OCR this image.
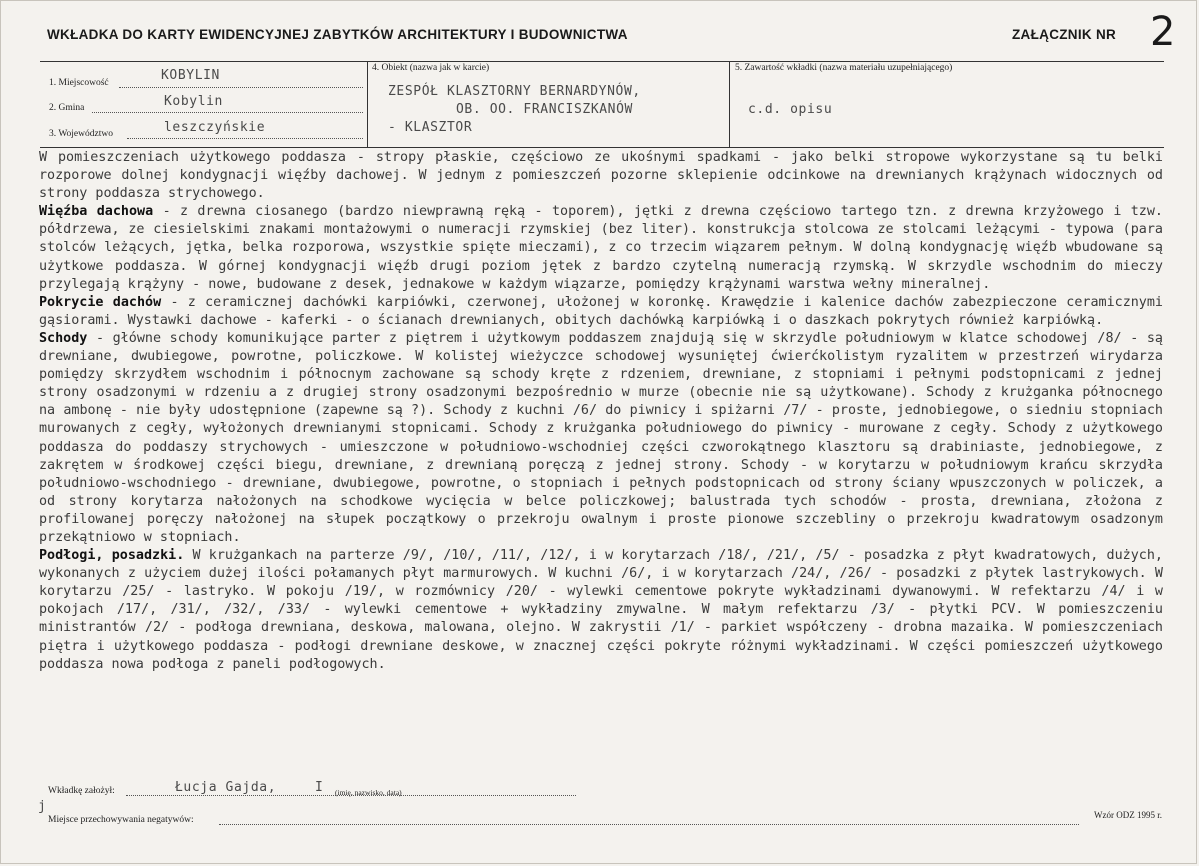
WKŁADKA DO KARTY EWIDENCYJNEJ ZABYTKÓW ARCHITEKTURY I BUDOWNICTWA	ZAŁĄCZNIK NR 2
1. Miejscowość	KOBYLIN
2. Gmina	Kobylin
3. Województwo	leszczyńskie
4. Obiekt (nazwa jak w karcie)
ZESPÓŁ KLASZTORNY BERNARDYNÓW,
OB. OO. FRANCISZKANÓW
- KLASZTOR
5. Zawartość wkładki (nazwa materiału uzupełniającego)
c.d. opisu

W pomieszczeniach użytkowego poddasza - stropy płaskie, częściowo ze ukośnymi spadkami - jako belki stropowe wykorzystane są tu belki rozporowe dolnej kondygnacji więźby dachowej. W jednym z pomieszczeń pozorne sklepienie odcinkowe na drewnianych krążynach widocznych od strony poddasza strychowego.

Więźba dachowa - z drewna ciosanego (bardzo niewprawną ręką - toporem), jętki z drewna częściowo tartego tzn. z drewna krzyżowego i tzw. półdrzewa, ze ciesielskimi znakami montażowymi o numeracji rzymskiej (bez liter). konstrukcja stolcowa ze stolcami leżącymi - typowa (para stolców leżących, jętka, belka rozporowa, wszystkie spięte mieczami), z co trzecim wiązarem pełnym. W dolną kondygnację więźb wbudowane są użytkowe poddasza. W górnej kondygnacji więźb drugi poziom jętek z bardzo czytelną numeracją rzymską. W skrzydle wschodnim do mieczy przylegają krążyny - nowe, budowane z desek, jednakowe w każdym wiązarze, pomiędzy krążynami warstwa wełny mineralnej.

Pokrycie dachów - z ceramicznej dachówki karpiówki, czerwonej, ułożonej w koronkę. Krawędzie i kalenice dachów zabezpieczone ceramicznymi gąsiorami. Wystawki dachowe - kaferki - o ścianach drewnianych, obitych dachówką karpiówką i o daszkach pokrytych również karpiówką.

Schody - główne schody komunikujące parter z piętrem i użytkowym poddaszem znajdują się w skrzydle południowym w klatce schodowej /8/ - są drewniane, dwubiegowe, powrotne, policzkowe. W kolistej wieżyczce schodowej wysuniętej ćwierćkolistym ryzalitem w przestrzeń wirydarza pomiędzy skrzydłem wschodnim i północnym zachowane są schody kręte z rdzeniem, drewniane, z stopniami i pełnymi podstopnicami z jednej strony osadzonymi w rdzeniu a z drugiej strony osadzonymi bezpośrednio w murze (obecnie nie są użytkowane). Schody z krużganka północnego na ambonę - nie były udostępnione (zapewne są ?). Schody z kuchni /6/ do piwnicy i spiżarni /7/ - proste, jednobiegowe, o siedniu stopniach murowanych z cegły, wyłożonych drewnianymi stopnicami. Schody z krużganka południowego do piwnicy - murowane z cegły. Schody z użytkowego poddasza do poddaszy strychowych - umieszczone w południowo-wschodniej części czworokątnego klasztoru są drabiniaste, jednobiegowe, z zakrętem w środkowej części biegu, drewniane, z drewnianą poręczą z jednej strony. Schody - w korytarzu w południowym krańcu skrzydła południowo-wschodniego - drewniane, dwubiegowe, powrotne, o stopniach i pełnych podstopnicach od strony ściany wpuszczonych w policzek, a od strony korytarza nałożonych na schodkowe wycięcia w belce policzkowej; balustrada tych schodów - prosta, drewniana, złożona z profilowanej poręczy nałożonej na słupek początkowy o przekroju owalnym i proste pionowe szczebliny o przekroju kwadratowym osadzonym przekątniowo w stopniach.

Podłogi, posadzki. W krużgankach na parterze /9/, /10/, /11/, /12/, i w korytarzach /18/, /21/, /5/ - posadzka z płyt kwadratowych, dużych, wykonanych z użyciem dużej ilości połamanych płyt marmurowych. W kuchni /6/, i w korytarzach /24/, /26/ - posadzki z płytek lastrykowych. W korytarzu /25/ - lastryko. W pokoju /19/, w rozmównicy /20/ - wylewki cementowe pokryte wykładzinami dywanowymi. W refektarzu /4/ i w pokojach /17/, /31/, /32/, /33/ - wylewki cementowe + wykładziny zmywalne. W małym refektarzu /3/ - płytki PCV. W pomieszczeniu ministrantów /2/ - podłoga drewniana, deskowa, malowana, olejno. W zakrystii /1/ - parkiet współczeny - drobna mazaika. W pomieszczeniach piętra i użytkowego poddasza - podłogi drewniane deskowe, w znacznej części pokryte różnymi wykładzinami. W części pomieszczeń użytkowego poddasza nowa podłoga z paneli podłogowych.

Wkładkę założył:	Łucja Gajda,	I (imię, nazwisko, data)
j
Miejsce przechowywania negatywów:	Wzór ODZ 1995 r.
